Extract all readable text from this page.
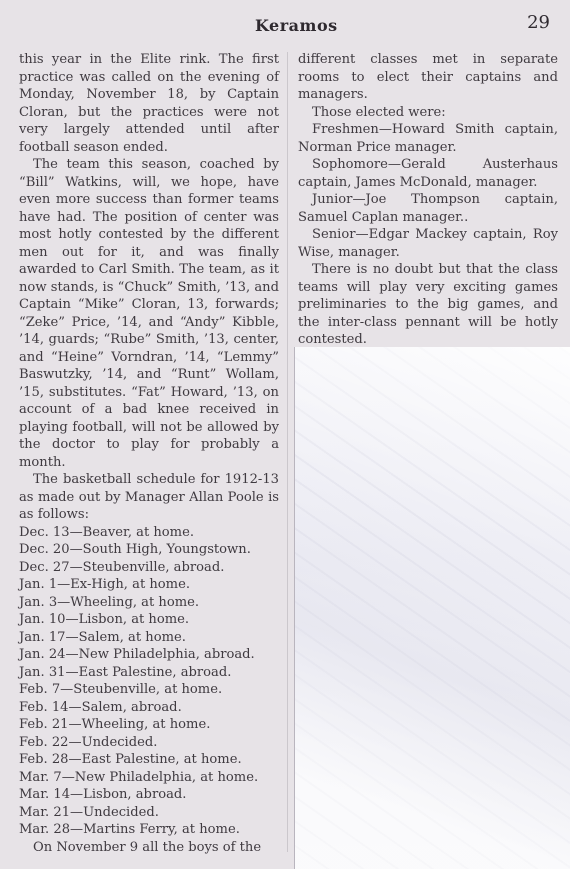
Keramos	29

this year in the Elite rink. The first practice was called on the evening of Monday, November 18, by Captain Cloran, but the practices were not very largely attended until after football season ended.

The team this season, coached by “Bill” Watkins, will, we hope, have even more success than former teams have had. The position of center was most hotly contested by the different men out for it, and was finally awarded to Carl Smith. The team, as it now stands, is “Chuck” Smith, ’13, and Captain “Mike” Cloran, 13, forwards; “Zeke” Price, ’14, and “Andy” Kibble, ’14, guards; “Rube” Smith, ’13, center, and “Heine” Vorndran, ’14, “Lemmy” Baswutzky, ’14, and “Runt” Wollam, ’15, substitutes. “Fat” Howard, ’13, on account of a bad knee received in playing football, will not be allowed by the doctor to play for probably a month.

The basketball schedule for 1912-13 as made out by Manager Allan Poole is as follows:

Dec. 13—Beaver, at home.
Dec. 20—South High, Youngstown.
Dec. 27—Steubenville, abroad.
Jan. 1—Ex-High, at home.
Jan. 3—Wheeling, at home.
Jan. 10—Lisbon, at home.
Jan. 17—Salem, at home.
Jan. 24—New Philadelphia, abroad.
Jan. 31—East Palestine, abroad.
Feb. 7—Steubenville, at home.
Feb. 14—Salem, abroad.
Feb. 21—Wheeling, at home.
Feb. 22—Undecided.
Feb. 28—East Palestine, at home.
Mar. 7—New Philadelphia, at home.
Mar. 14—Lisbon, abroad.
Mar. 21—Undecided.
Mar. 28—Martins Ferry, at home.

On November 9 all the boys of the

different classes met in separate rooms to elect their captains and managers.

Those elected were:

Freshmen—Howard Smith captain, Norman Price manager.

Sophomore—Gerald Austerhaus captain, James McDonald, manager.

Junior—Joe Thompson captain, Samuel Caplan manager..

Senior—Edgar Mackey captain, Roy Wise, manager.

There is no doubt but that the class teams will play very exciting games preliminaries to the big games, and the inter-class pennant will be hotly contested.
